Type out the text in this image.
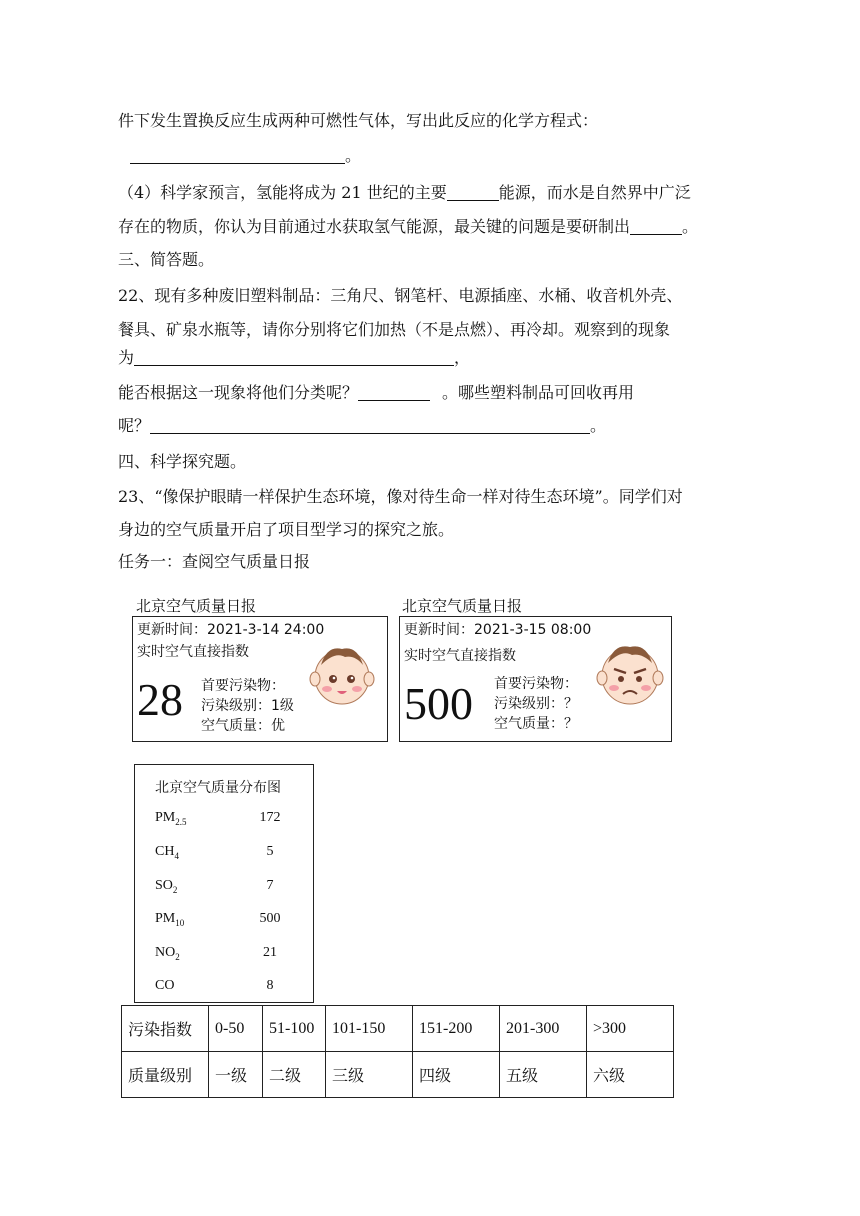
件下发生置换反应生成两种可燃性气体，写出此反应的化学方程式：
。
（4）科学家预言，氢能将成为 21 世纪的主要	能源，而水是自然界中广泛
存在的物质，你认为目前通过水获取氢气能源，最关键的问题是要研制出	。
三、简答题。
22、现有多种废旧塑料制品：三角尺、钢笔杆、电源插座、水桶、收音机外壳、
餐具、矿泉水瓶等，请你分别将它们加热（不是点燃）、再冷却。观察到的现象
为	，
能否根据这一现象将他们分类呢？	。哪些塑料制品可回收再用
呢？	。
四、科学探究题。
23、“像保护眼睛一样保护生态环境，像对待生命一样对待生态环境”。同学们对
身边的空气质量开启了项目型学习的探究之旅。
任务一：查阅空气质量日报
北京空气质量日报
更新时间：2021-3-14 24:00
实时空气直接指数
28 首要污染物：
污染级别：1级
空气质量：优
北京空气质量日报
更新时间：2021-3-15 08:00
实时空气直接指数
500 首要污染物：
污染级别：？
空气质量：？
北京空气质量分布图
$PM_{2.5}$	172
$CH_4$	5
$SO_2$	7
$PM_{10}$	500
$NO_2$	21
CO	8
污染指数	0-50	51-100	101-150	151-200	201-300	>300
质量级别	一级	二级	三级	四级	五级	六级
